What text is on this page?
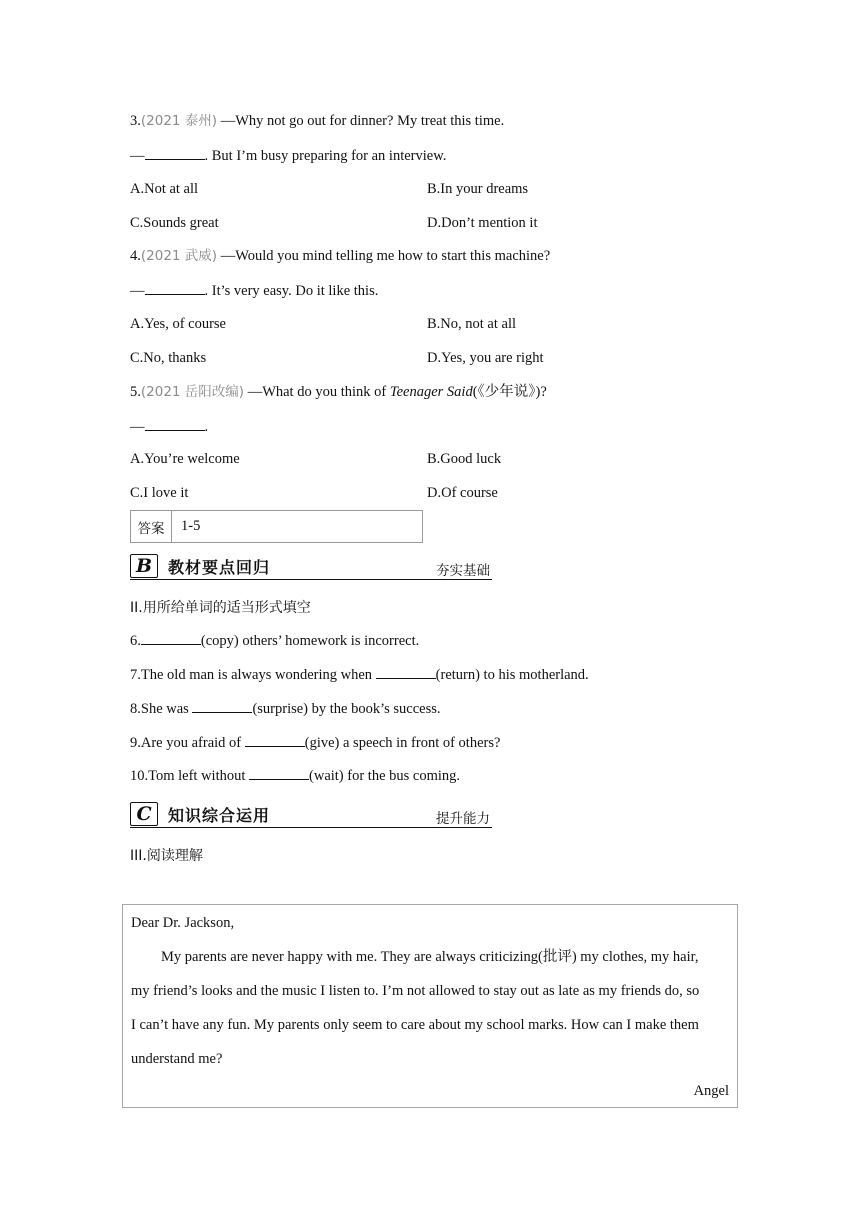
3.(2021 泰州) —Why not go out for dinner? My treat this time.
—	. But I’m busy preparing for an interview.
A.Not at all	B.In your dreams
C.Sounds great	D.Don’t mention it
4.(2021 武威) —Would you mind telling me how to start this machine?
—	. It’s very easy. Do it like this.
A.Yes, of course	B.No, not at all
C.No, thanks	D.Yes, you are right
5.(2021 岳阳改编) —What do you think of Teenager Said(《少年说》)?
—	.
A.You’re welcome	B.Good luck
C.I love it	D.Of course
答案	1-5
B 教材要点回归	夯实基础
II.用所给单词的适当形式填空
6.	(copy) others’ homework is incorrect.
7.The old man is always wondering when	(return) to his motherland.
8.She was	(surprise) by the book’s success.
9.Are you afraid of	(give) a speech in front of others?
10.Tom left without	(wait) for the bus coming.
C	知识综合运用	提升能力
III.阅读理解
Dear Dr. Jackson,
My parents are never happy with me. They are always criticizing(批评) my clothes, my hair,
my friend’s looks and the music I listen to. I’m not allowed to stay out as late as my friends do, so
I can’t have any fun. My parents only seem to care about my school marks. How can I make them
understand me?
Angel
